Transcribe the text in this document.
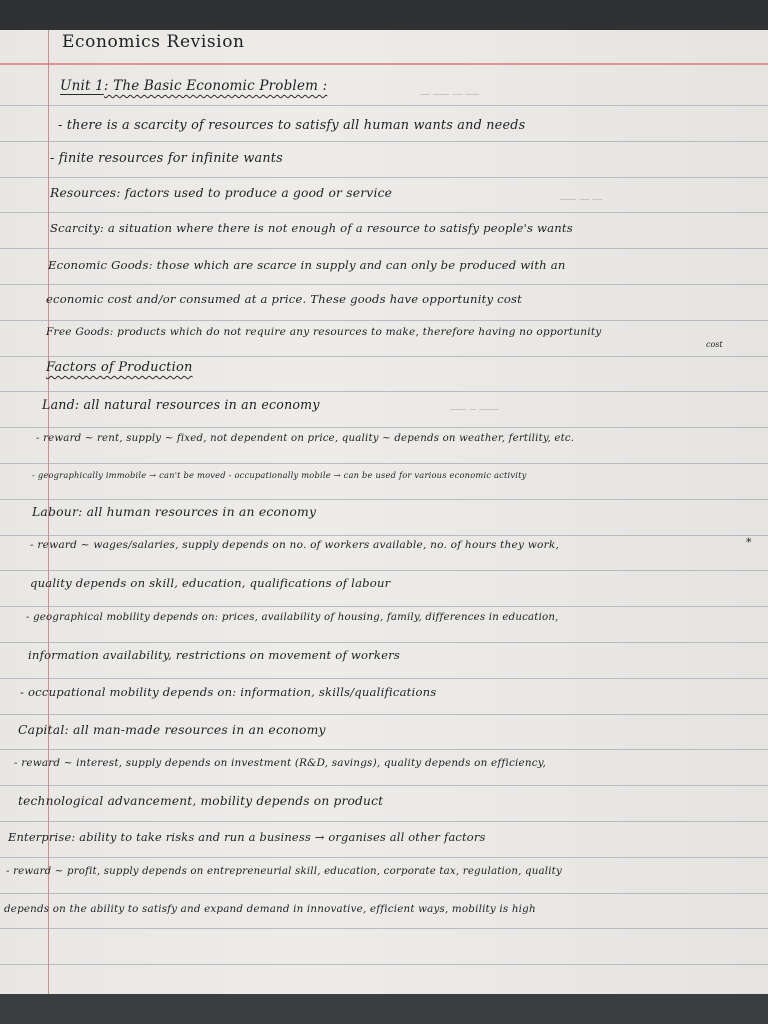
ـــ ـــــ ـــ ــــ
ـــــ ـــ ـــ
ـــــ ــ ــــــ
Economics Revision
Unit 1: The Basic Economic Problem :
- there is a scarcity of resources to satisfy all human wants and needs
- finite resources for infinite wants
Resources: factors used to produce a good or service
Scarcity: a situation where there is not enough of a resource to satisfy people's wants
Economic Goods: those which are scarce in supply and can only be produced with an
economic cost and/or consumed at a price. These goods have opportunity cost
Free Goods: products which do not require any resources to make, therefore having no opportunity
cost
Factors of Production
Land: all natural resources in an economy
- reward ~ rent, supply ~ fixed, not dependent on price, quality ~ depends on weather, fertility, etc.
- geographically immobile → can't be moved - occupationally mobile → can be used for various economic activity
Labour: all human resources in an economy
- reward ~ wages/salaries, supply depends on no. of workers available, no. of hours they work,	*
quality depends on skill, education, qualifications of labour
- geographical mobility depends on: prices, availability of housing, family, differences in education,
information availability, restrictions on movement of workers
- occupational mobility depends on: information, skills/qualifications
Capital: all man-made resources in an economy
- reward ~ interest, supply depends on investment (R&D, savings), quality depends on efficiency,
technological advancement, mobility depends on product
Enterprise: ability to take risks and run a business → organises all other factors
- reward ~ profit, supply depends on entrepreneurial skill, education, corporate tax, regulation, quality
depends on the ability to satisfy and expand demand in innovative, efficient ways, mobility is high
